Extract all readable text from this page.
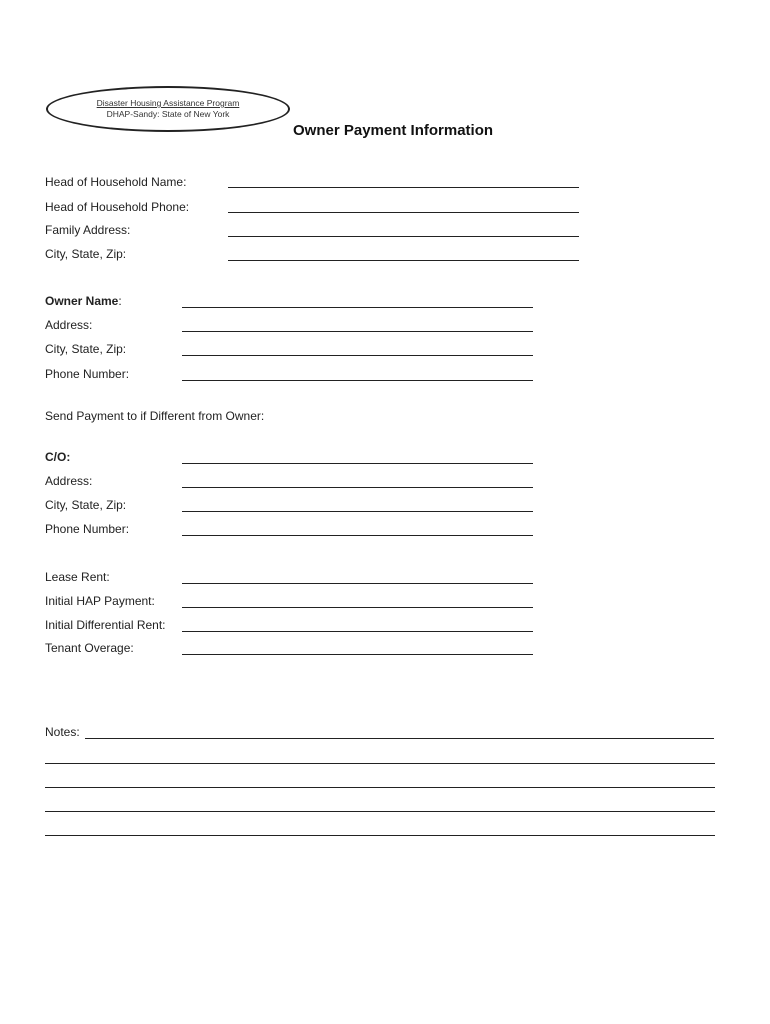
Disaster Housing Assistance Program
DHAP-Sandy: State of New York
Owner Payment Information
Head of Household Name:
Head of Household Phone:
Family Address:
City, State, Zip:
Owner Name:
Address:
City, State, Zip:
Phone Number:
Send Payment to if Different from Owner:
C/O:
Address:
City, State, Zip:
Phone Number:
Lease Rent:
Initial HAP Payment:
Initial Differential Rent:
Tenant Overage:
Notes:
